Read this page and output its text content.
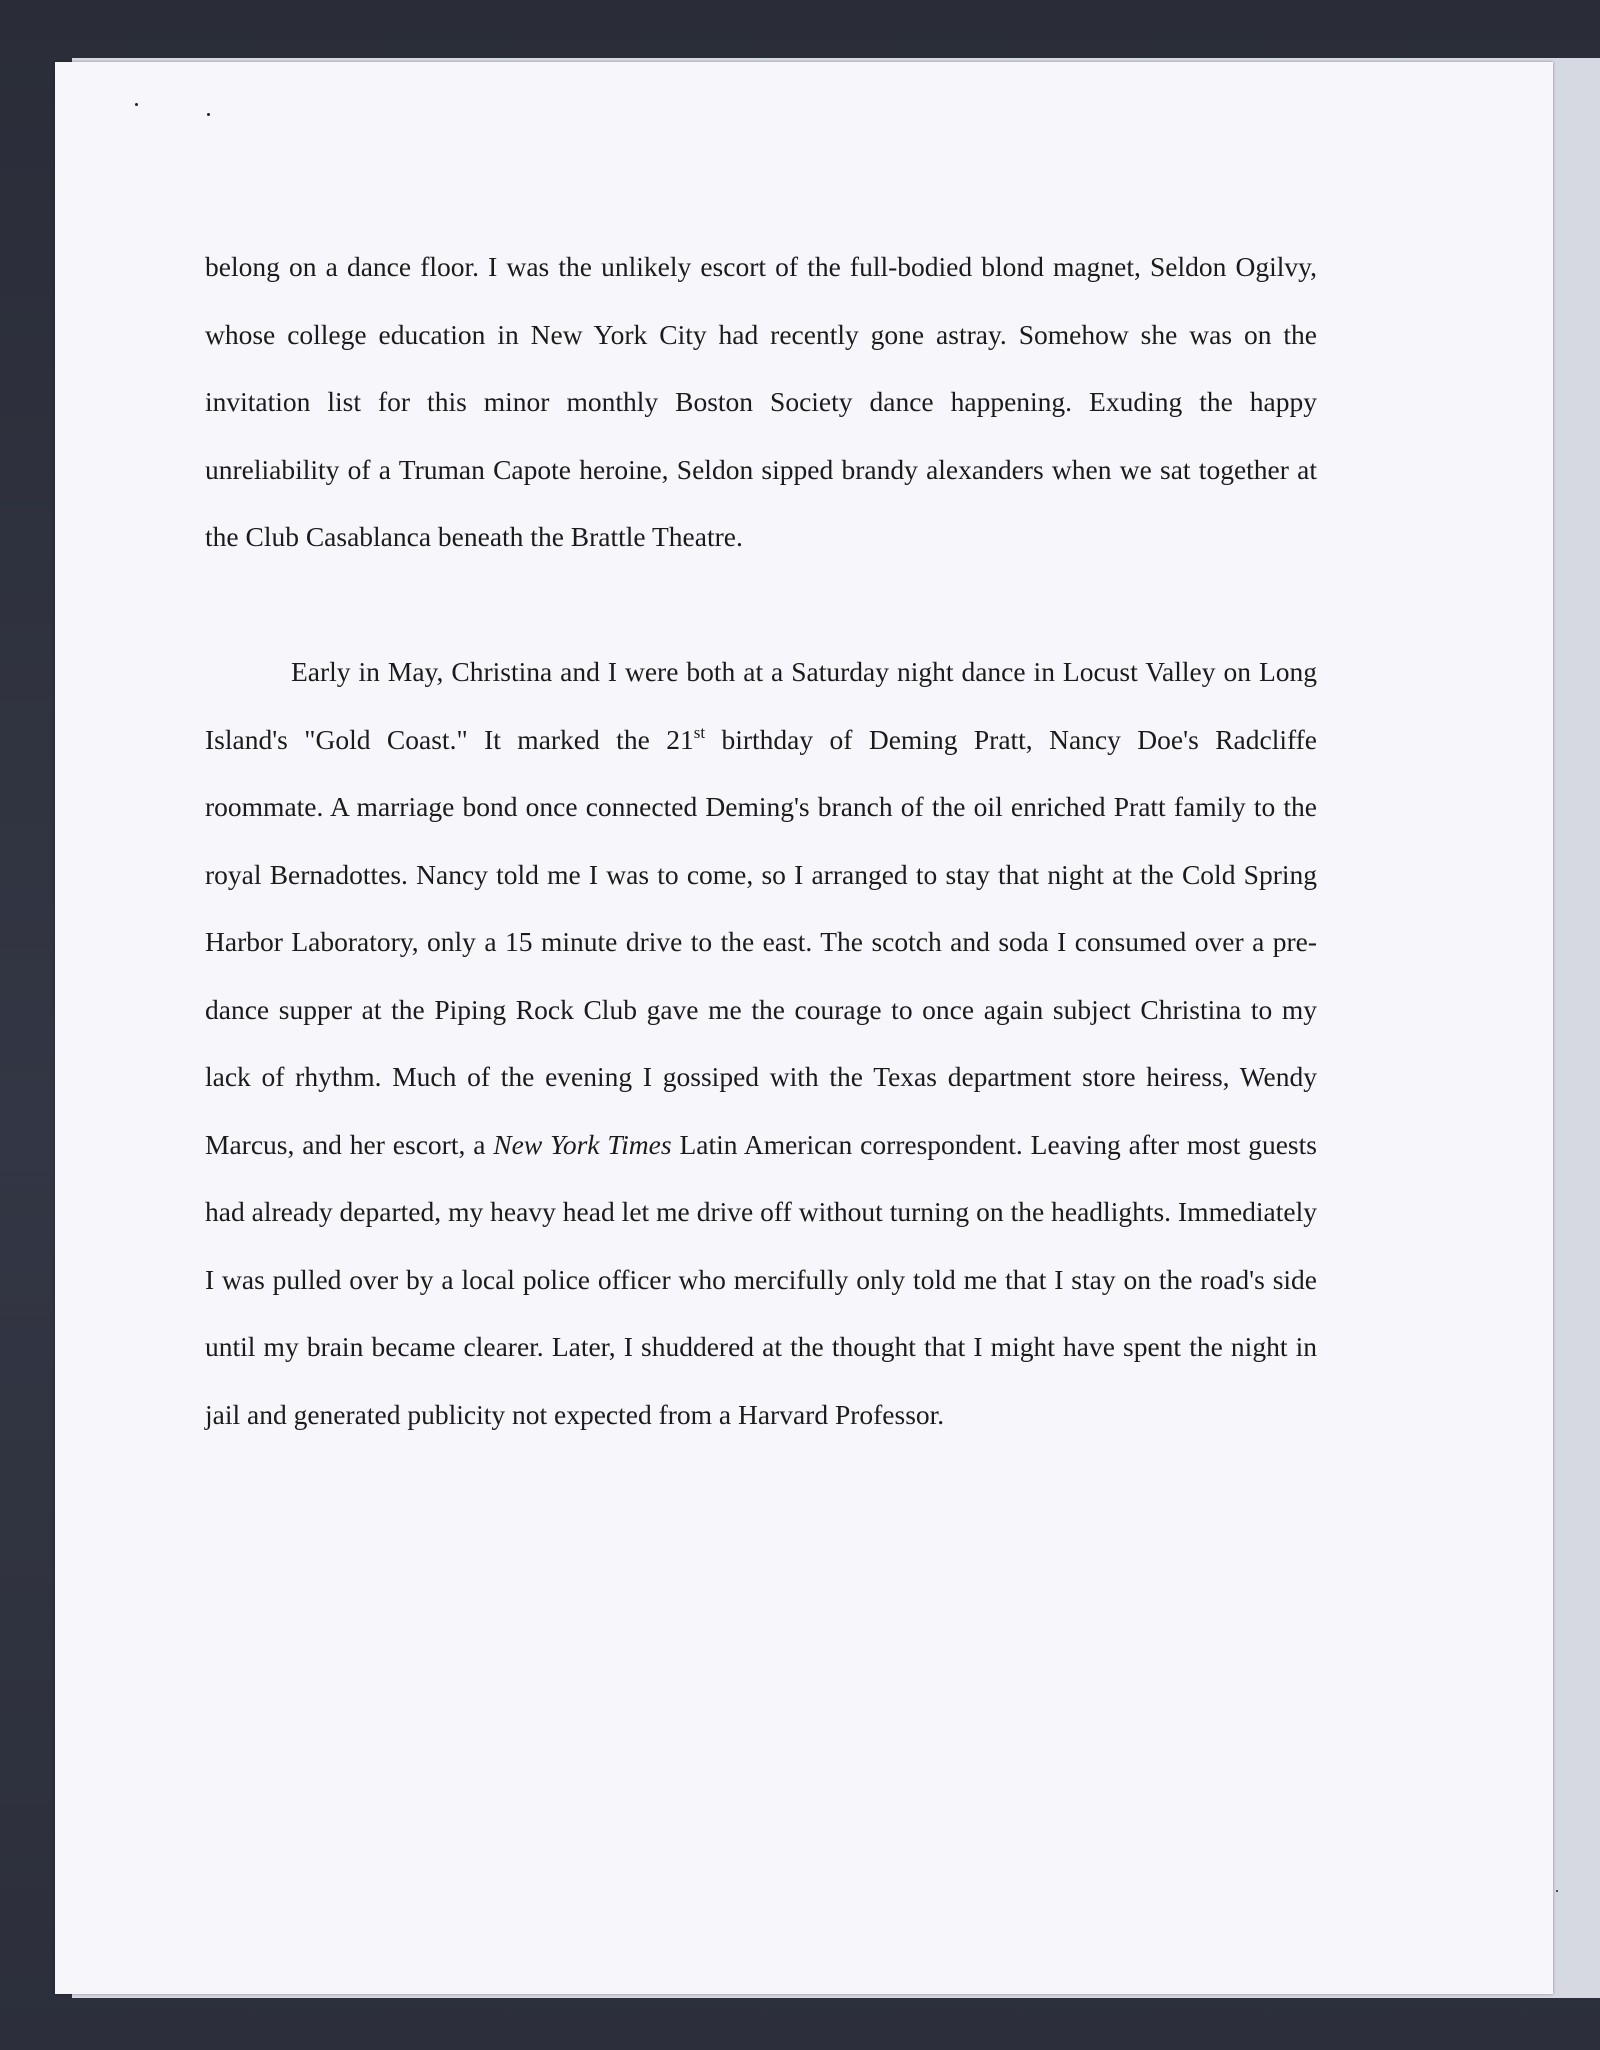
belong on a dance floor. I was the unlikely escort of the full-bodied blond magnet, Seldon Ogilvy, whose college education in New York City had recently gone astray. Somehow she was on the invitation list for this minor monthly Boston Society dance happening. Exuding the happy unreliability of a Truman Capote heroine, Seldon sipped brandy alexanders when we sat together at the Club Casablanca beneath the Brattle Theatre.

Early in May, Christina and I were both at a Saturday night dance in Locust Valley on Long Island's "Gold Coast." It marked the 21st birthday of Deming Pratt, Nancy Doe's Radcliffe roommate. A marriage bond once connected Deming's branch of the oil enriched Pratt family to the royal Bernadottes. Nancy told me I was to come, so I arranged to stay that night at the Cold Spring Harbor Laboratory, only a 15 minute drive to the east. The scotch and soda I consumed over a pre-dance supper at the Piping Rock Club gave me the courage to once again subject Christina to my lack of rhythm. Much of the evening I gossiped with the Texas department store heiress, Wendy Marcus, and her escort, a New York Times Latin American correspondent. Leaving after most guests had already departed, my heavy head let me drive off without turning on the headlights. Immediately I was pulled over by a local police officer who mercifully only told me that I stay on the road's side until my brain became clearer. Later, I shuddered at the thought that I might have spent the night in jail and generated publicity not expected from a Harvard Professor.
